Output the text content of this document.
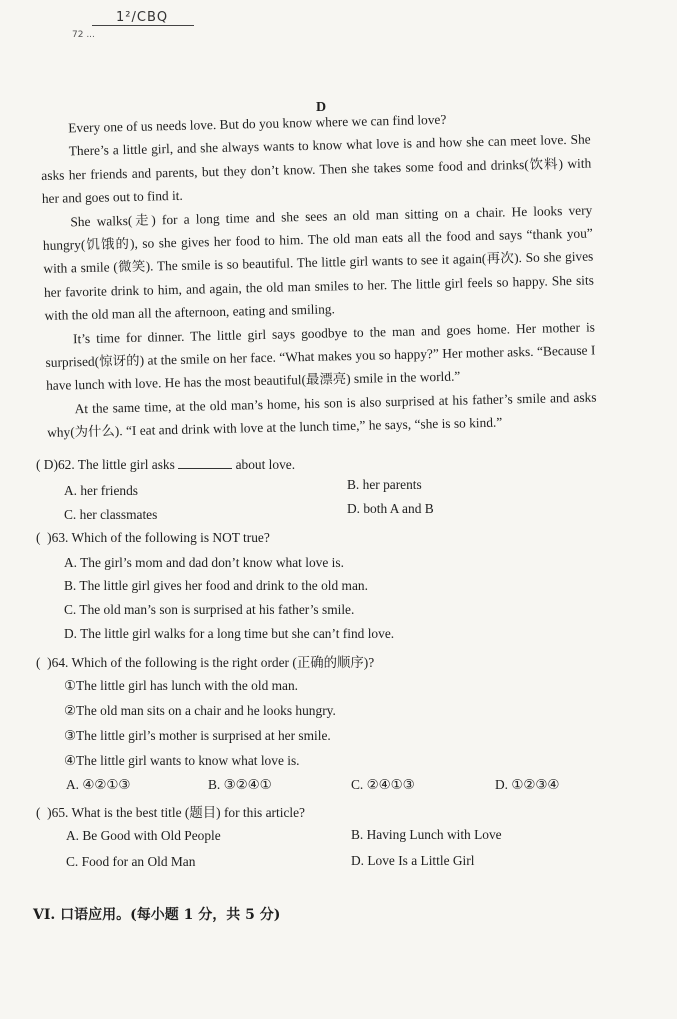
1²/CBQ
72 ...
D

Every one of us needs love. But do you know where we can find love?

There’s a little girl, and she always wants to know what love is and how she can meet love. She asks her friends and parents, but they don’t know. Then she takes some food and drinks(饮料) with her and goes out to find it.

She walks(走) for a long time and she sees an old man sitting on a chair. He looks very hungry(饥饿的), so she gives her food to him. The old man eats all the food and says “thank you” with a smile (微笑). The smile is so beautiful. The little girl wants to see it again(再次). So she gives her favorite drink to him, and again, the old man smiles to her. The little girl feels so happy. She sits with the old man all the afternoon, eating and smiling.

It’s time for dinner. The little girl says goodbye to the man and goes home. Her mother is surprised(惊讶的) at the smile on her face. “What makes you so happy?” Her mother asks. “Because I have lunch with love. He has the most beautiful(最漂亮) smile in the world.”

At the same time, at the old man’s home, his son is also surprised at his father’s smile and asks why(为什么). “I eat and drink with love at the lunch time,” he says, “she is so kind.”

( D)62. The little girl asks	about love.
A. her friends	B. her parents
C. her classmates	D. both A and B
( )63. Which of the following is NOT true?
A. The girl’s mom and dad don’t know what love is.
B. The little girl gives her food and drink to the old man.
C. The old man’s son is surprised at his father’s smile.
D. The little girl walks for a long time but she can’t find love.
( )64. Which of the following is the right order (正确的顺序)?
①The little girl has lunch with the old man.
②The old man sits on a chair and he looks hungry.
③The little girl’s mother is surprised at her smile.
④The little girl wants to know what love is.
A. ④②①③	B. ③②④①	C. ②④①③	D. ①②③④
( )65. What is the best title (题目) for this article?
A. Be Good with Old People	B. Having Lunch with Love
C. Food for an Old Man	D. Love Is a Little Girl
VI. 口语应用。(每小题 1 分，共 5 分)
